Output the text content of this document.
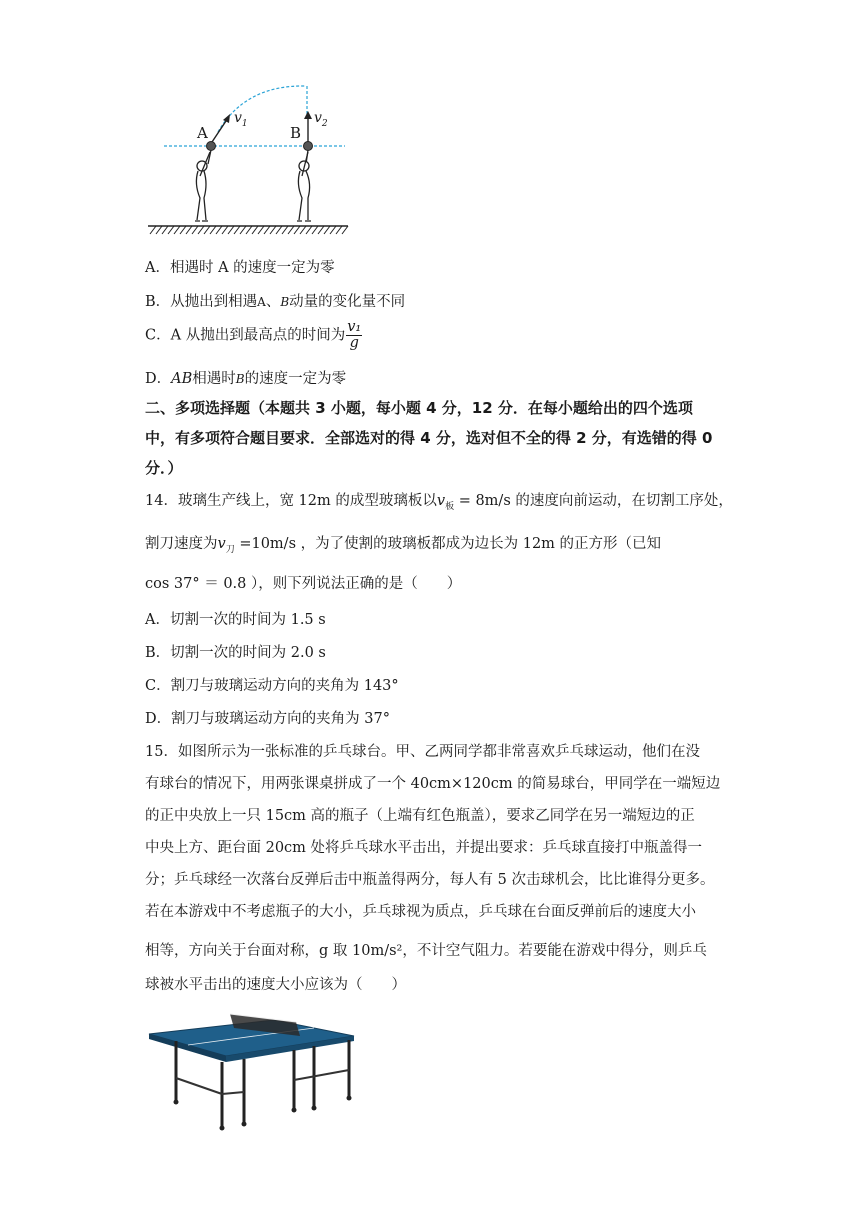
A
$v_1$
B
$v_2$
A．相遇时 A 的速度一定为零
B．从抛出到相遇A、B动量的变化量不同
C．A 从抛出到最高点的时间为 $\frac{\text{v₁}}{g}$
D．AB相遇时B的速度一定为零
二、多项选择题（本题共 3 小题，每小题 4 分，12 分．在每小题给出的四个选项中，有多项符合题目要求．全部选对的得 4 分，选对但不全的得 2 分，有选错的得 0 分．）
14．玻璃生产线上，宽 12m 的成型玻璃板以$v_板 = 8m/s$ 的速度向前运动，在切割工序处，
割刀速度为$v_刀 =10m/s$ ，为了使割的玻璃板都成为边长为 12m 的正方形（已知
cos 37° ＝ 0.8 ），则下列说法正确的是（　　）
A．切割一次的时间为 1.5 s
B．切割一次的时间为 2.0 s
C．割刀与玻璃运动方向的夹角为 143°
D．割刀与玻璃运动方向的夹角为 37°
15．如图所示为一张标准的乒乓球台。甲、乙两同学都非常喜欢乒乓球运动，他们在没
有球台的情况下，用两张课桌拼成了一个 40cm×120cm 的简易球台，甲同学在一端短边
的正中央放上一只 15cm 高的瓶子（上端有红色瓶盖），要求乙同学在另一端短边的正
中央上方、距台面 20cm 处将乒乓球水平击出，并提出要求：乒乓球直接打中瓶盖得一
分；乒乓球经一次落台反弹后击中瓶盖得两分，每人有 5 次击球机会，比比谁得分更多。
若在本游戏中不考虑瓶子的大小，乒乓球视为质点，乒乓球在台面反弹前后的速度大小
相等，方向关于台面对称，g 取 10m/s²，不计空气阻力。若要能在游戏中得分，则乒乓
球被水平击出的速度大小应该为（　　）
